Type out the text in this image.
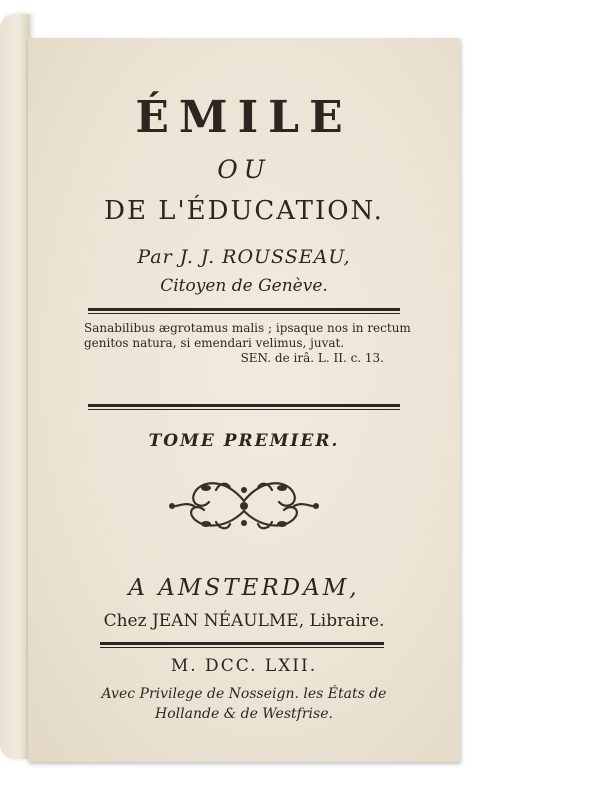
ÉMILE
OU
DE L'ÉDUCATION.
Par J. J. ROUSSEAU,
Citoyen de Genève.
Sanabilibus ægrotamus malis ; ipsaque nos in rectum
genitos natura, si emendari velimus, juvat.
SEN. de irâ. L. II. c. 13.
TOME PREMIER.
A AMSTERDAM,
Chez JEAN NÉAULME, Libraire.
M. DCC. LXII.
Avec Privilege de Nosseign. les États de
Hollande & de Westfrise.
